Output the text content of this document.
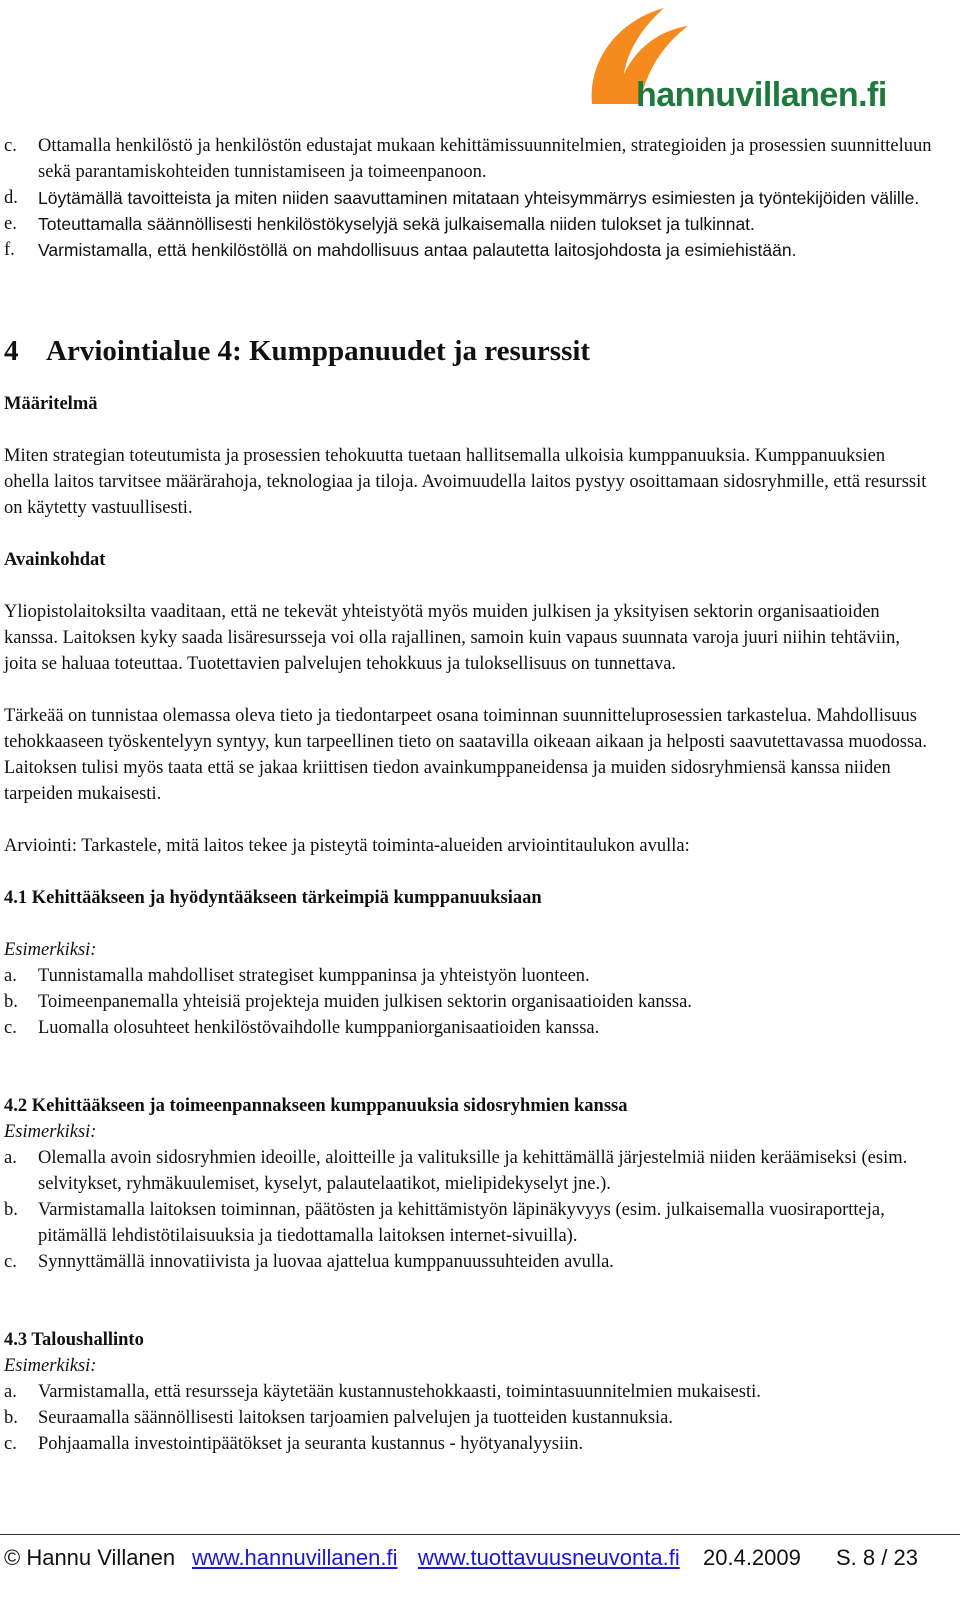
hannuvillanen.fi
c.	Ottamalla henkilöstö ja henkilöstön edustajat mukaan kehittämissuunnitelmien, strategioiden ja prosessien suunnitteluun sekä parantamiskohteiden tunnistamiseen ja toimeenpanoon.
d.	Löytämällä tavoitteista ja miten niiden saavuttaminen mitataan yhteisymmärrys esimiesten ja työntekijöiden välille.
e.	Toteuttamalla säännöllisesti henkilöstökyselyjä sekä julkaisemalla niiden tulokset ja tulkinnat.
f.	Varmistamalla, että henkilöstöllä on mahdollisuus antaa palautetta laitosjohdosta ja esimiehistään.
4 Arviointialue 4: Kumppanuudet ja resurssit
Määritelmä
Miten strategian toteutumista ja prosessien tehokuutta tuetaan hallitsemalla ulkoisia kumppanuuksia. Kumppanuuksien ohella laitos tarvitsee määrärahoja, teknologiaa ja tiloja. Avoimuudella laitos pystyy osoittamaan sidosryhmille, että resurssit on käytetty vastuullisesti.
Avainkohdat
Yliopistolaitoksilta vaaditaan, että ne tekevät yhteistyötä myös muiden julkisen ja yksityisen sektorin organisaatioiden kanssa. Laitoksen kyky saada lisäresursseja voi olla rajallinen, samoin kuin vapaus suunnata varoja juuri niihin tehtäviin, joita se haluaa toteuttaa. Tuotettavien palvelujen tehokkuus ja tuloksellisuus on tunnettava.
Tärkeää on tunnistaa olemassa oleva tieto ja tiedontarpeet osana toiminnan suunnitteluprosessien tarkastelua. Mahdollisuus tehokkaaseen työskentelyyn syntyy, kun tarpeellinen tieto on saatavilla oikeaan aikaan ja helposti saavutettavassa muodossa. Laitoksen tulisi myös taata että se jakaa kriittisen tiedon avainkumppaneidensa ja muiden sidosryhmiensä kanssa niiden tarpeiden mukaisesti.
Arviointi: Tarkastele, mitä laitos tekee ja pisteytä toiminta-alueiden arviointitaulukon avulla:
4.1 Kehittääkseen ja hyödyntääkseen tärkeimpiä kumppanuuksiaan
Esimerkiksi:
a.	Tunnistamalla mahdolliset strategiset kumppaninsa ja yhteistyön luonteen.
b.	Toimeenpanemalla yhteisiä projekteja muiden julkisen sektorin organisaatioiden kanssa.
c.	Luomalla olosuhteet henkilöstövaihdolle kumppaniorganisaatioiden kanssa.
4.2 Kehittääkseen ja toimeenpannakseen kumppanuuksia sidosryhmien kanssa
Esimerkiksi:
a.	Olemalla avoin sidosryhmien ideoille, aloitteille ja valituksille ja kehittämällä järjestelmiä niiden keräämiseksi (esim. selvitykset, ryhmäkuulemiset, kyselyt, palautelaatikot, mielipidekyselyt jne.).
b.	Varmistamalla laitoksen toiminnan, päätösten ja kehittämistyön läpinäkyvyys (esim. julkaisemalla vuosiraportteja, pitämällä lehdistötilaisuuksia ja tiedottamalla laitoksen internet-sivuilla).
c.	Synnyttämällä innovatiivista ja luovaa ajattelua kumppanuussuhteiden avulla.
4.3 Taloushallinto
Esimerkiksi:
a.	Varmistamalla, että resursseja käytetään kustannustehokkaasti, toimintasuunnitelmien mukaisesti.
b.	Seuraamalla säännöllisesti laitoksen tarjoamien palvelujen ja tuotteiden kustannuksia.
c.	Pohjaamalla investointipäätökset ja seuranta kustannus - hyötyanalyysiin.
© Hannu Villanen www.hannuvillanen.fi www.tuottavuusneuvonta.fi 20.4.2009 S. 8 / 23
